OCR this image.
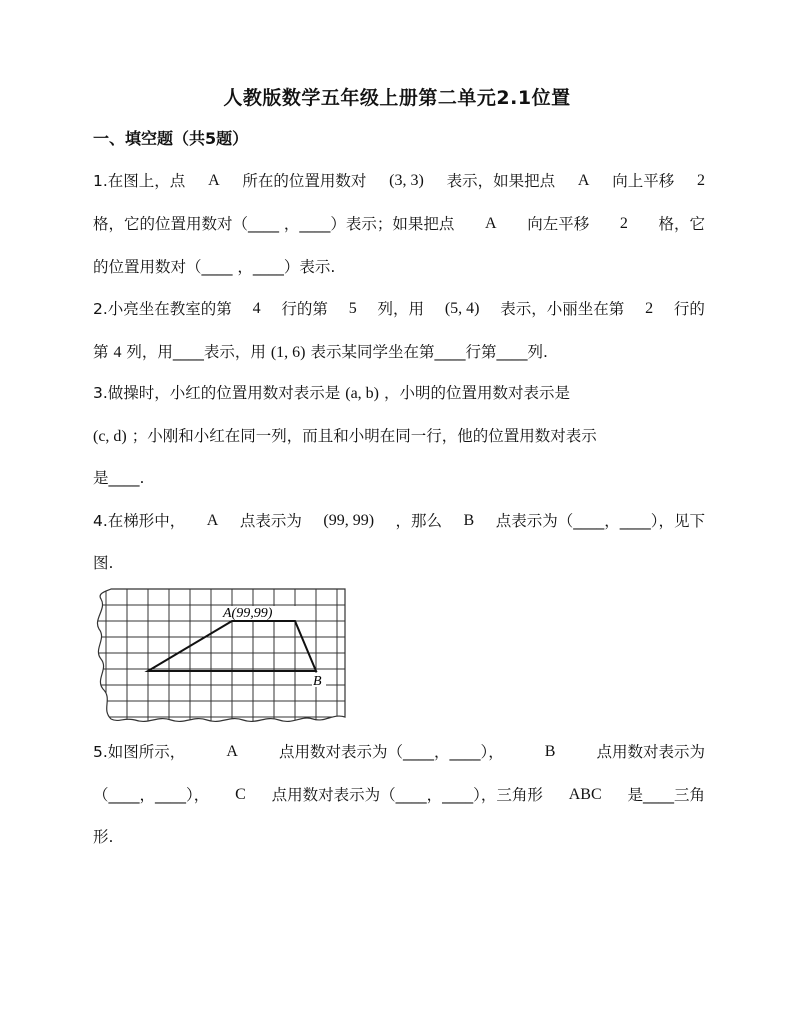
人教版数学五年级上册第二单元2.1位置
一、填空题（共5题）
1.在图上，点 A 所在的位置用数对 (3, 3) 表示，如果把点 A 向上平移 2
格，它的位置用数对（____ ，____）表示；如果把点 A 向左平移 2 格，它
的位置用数对（____ ，____）表示.
2.小亮坐在教室的第 4 行的第 5 列，用 (5, 4) 表示，小丽坐在第 2 行的
第 4 列，用____表示，用 (1, 6) 表示某同学坐在第____行第____列.
3.做操时，小红的位置用数对表示是 (a, b) ，小明的位置用数对表示是
(c, d) ；小刚和小红在同一列，而且和小明在同一行，他的位置用数对表示
是____.
4.在梯形中， A 点表示为 (99, 99) ，那么 B 点表示为（____，____），见下
图.
A(99,99)
B
5.如图所示，	A	点用数对表示为（____，____），	B	点用数对表示为
（____，____）， C 点用数对表示为（____，____），三角形 ABC 是____三角
形.
